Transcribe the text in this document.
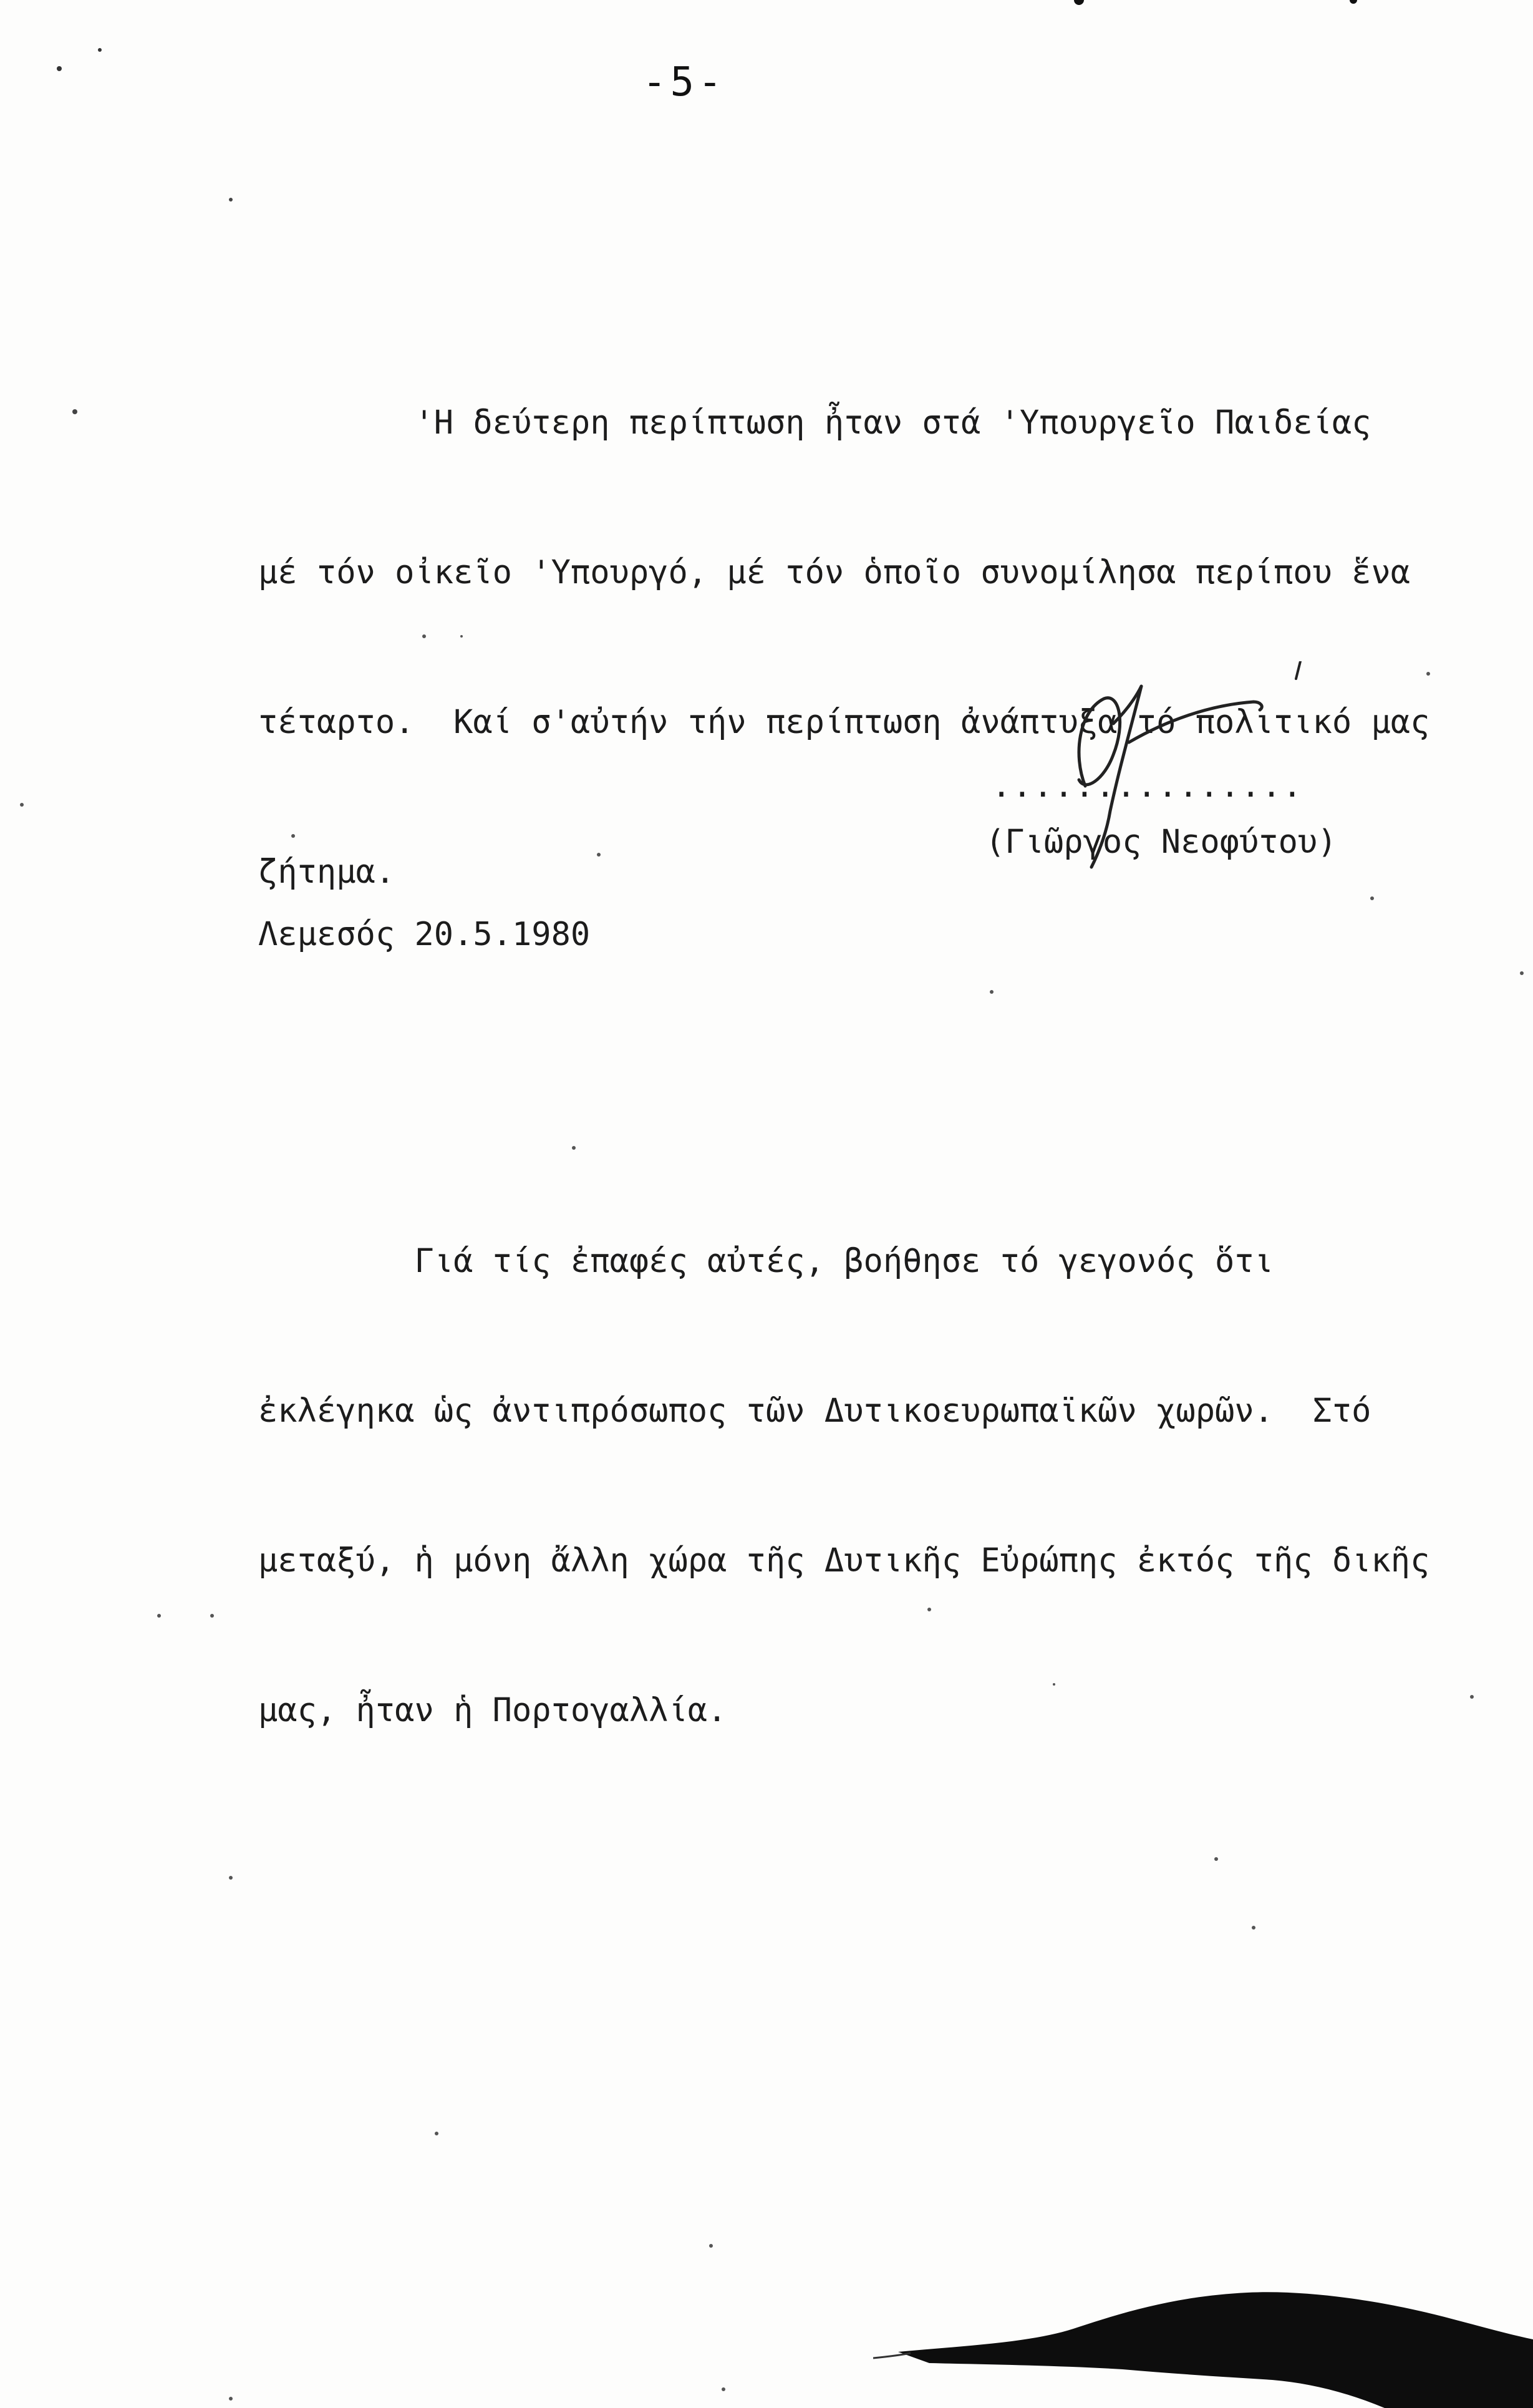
-5-

'Η δεύτερη περίπτωση ἦταν στά 'Υπουργεῖο Παιδείας

μέ τόν οἰκεῖο 'Υπουργό, μέ τόν ὁποῖο συνομίλησα περίπου ἕνα

τέταρτο.  Καί σ'αὐτήν τήν περίπτωση ἀνάπτυξα τό πολιτικό μας

ζήτημα.

Γιά τίς ἐπαφές αὐτές, βοήθησε τό γεγονός ὅτι

ἐκλέγηκα ὡς ἀντιπρόσωπος τῶν Δυτικοευρωπαϊκῶν χωρῶν.  Στό

μεταξύ, ἡ μόνη ἄλλη χώρα τῆς Δυτικῆς Εὐρώπης ἐκτός τῆς δικῆς

μας, ἦταν ἡ Πορτογαλλία.

...............
(Γιῶργος Νεοφύτου)
Λεμεσός 20.5.1980
